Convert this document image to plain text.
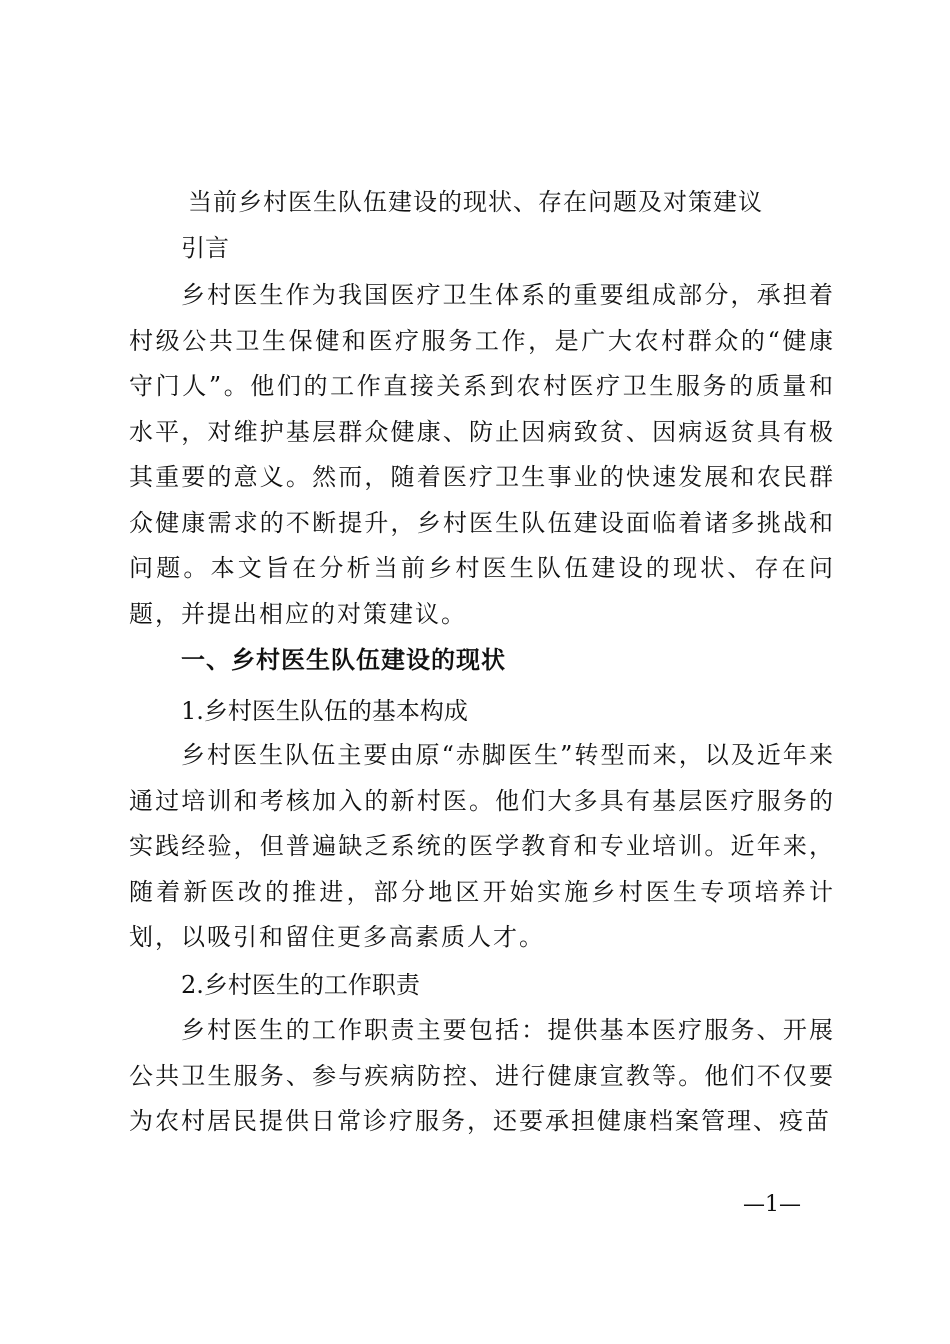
当前乡村医生队伍建设的现状、存在问题及对策建议
引言

乡村医生作为我国医疗卫生体系的重要组成部分，承担着村级公共卫生保健和医疗服务工作，是广大农村群众的“健康守门人”。他们的工作直接关系到农村医疗卫生服务的质量和水平，对维护基层群众健康、防止因病致贫、因病返贫具有极其重要的意义。然而，随着医疗卫生事业的快速发展和农民群众健康需求的不断提升，乡村医生队伍建设面临着诸多挑战和问题。本文旨在分析当前乡村医生队伍建设的现状、存在问题，并提出相应的对策建议。

一、乡村医生队伍建设的现状
1.乡村医生队伍的基本构成

乡村医生队伍主要由原“赤脚医生”转型而来，以及近年来通过培训和考核加入的新村医。他们大多具有基层医疗服务的实践经验，但普遍缺乏系统的医学教育和专业培训。近年来，随着新医改的推进，部分地区开始实施乡村医生专项培养计划，以吸引和留住更多高素质人才。

2.乡村医生的工作职责

乡村医生的工作职责主要包括：提供基本医疗服务、开展公共卫生服务、参与疾病防控、进行健康宣教等。他们不仅要为农村居民提供日常诊疗服务，还要承担健康档案管理、疫苗

—1—
